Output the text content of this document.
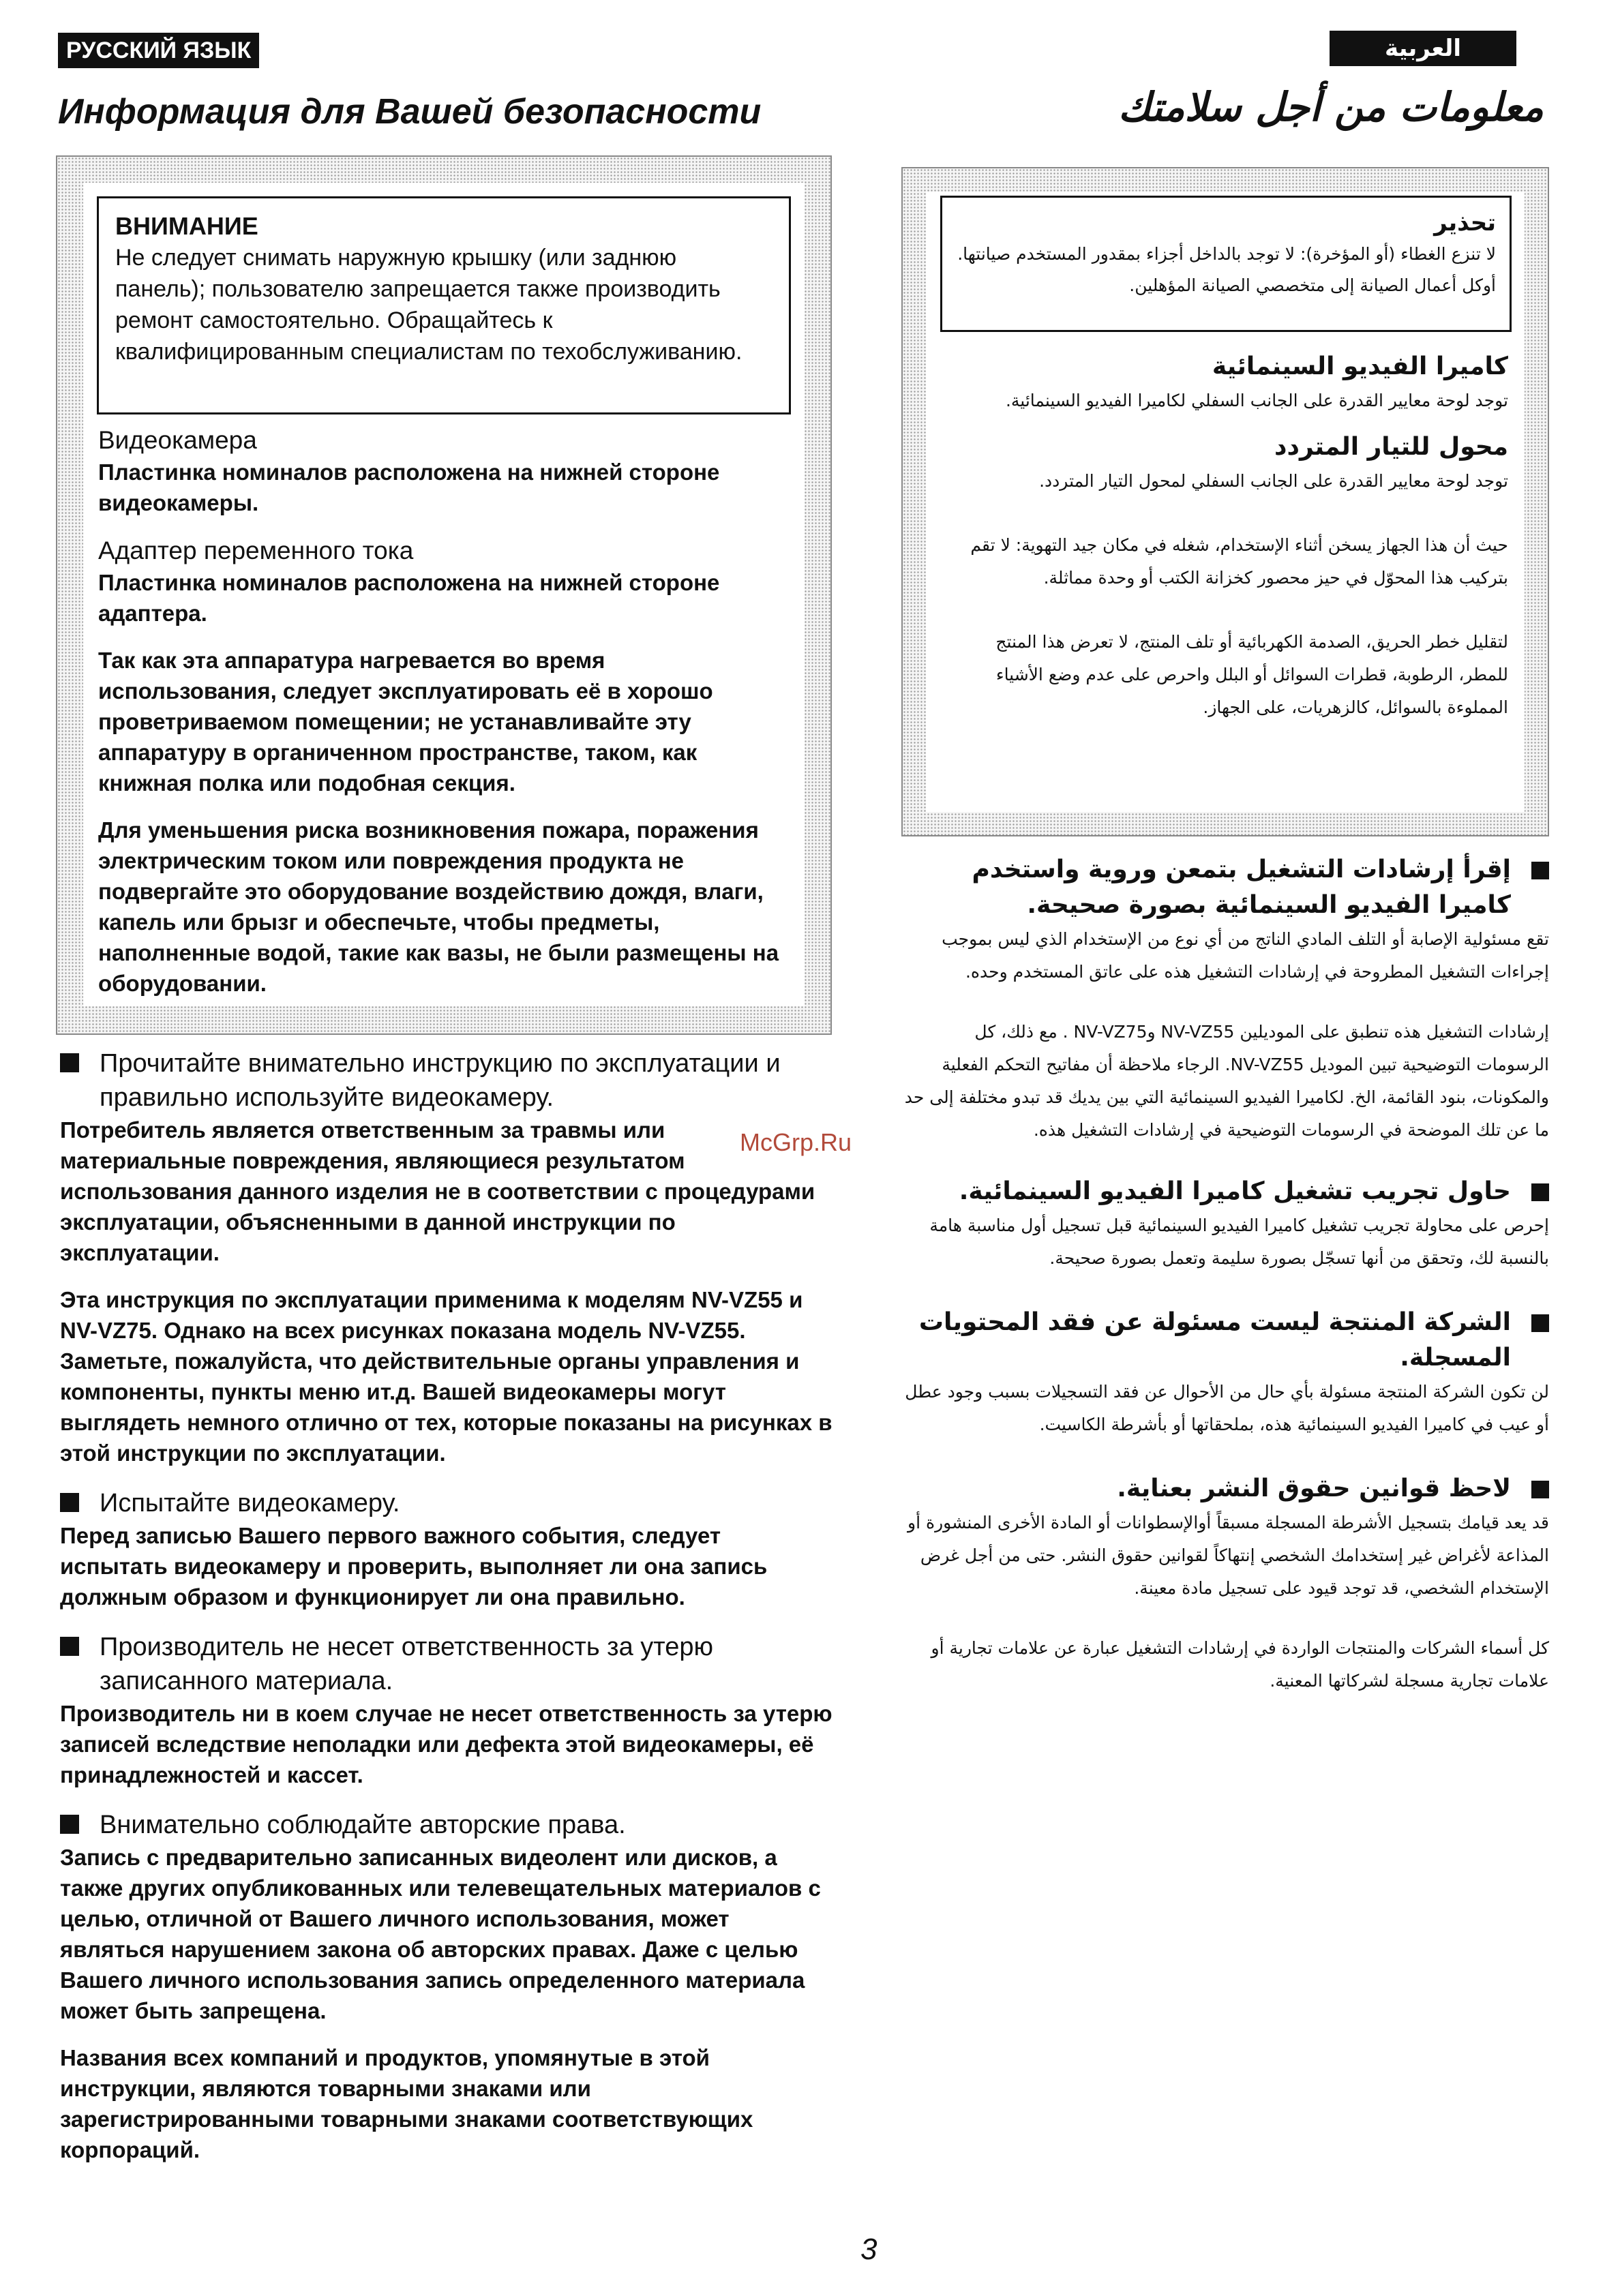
РУССКИЙ ЯЗЫК	العربية
Информация для Вашей безопасности	معلومات من أجل سلامتك
ВНИМАНИЕ
Не следует снимать наружную крышку (или заднюю панель); пользователю запрещается также производить ремонт самостоятельно. Обращайтесь к квалифицированным специалистам по техобслуживанию.
Видеокамера
Пластинка номиналов расположена на нижней стороне видеокамеры.
Адаптер переменного тока
Пластинка номиналов расположена на нижней стороне адаптера.
Так как эта аппаратура нагревается во время использования, следует эксплуатировать её в хорошо проветриваемом помещении; не устанавливайте эту аппаратуру в органиченном пространстве, таком, как книжная полка или подобная секция.
Для уменьшения риска возникновения пожара, поражения электрическим током или повреждения продукта не подвергайте это оборудование воздействию дождя, влаги, капель или брызг и обеспечьте, чтобы предметы, наполненные водой, такие как вазы, не были размещены на оборудовании.
Прочитайте внимательно инструкцию по эксплуатации и правильно используйте видеокамеру.
Потребитель является ответственным за травмы или материальные повреждения, являющиеся результатом использования данного изделия не в соответствии с процедурами эксплуатации, объясненными в данной инструкции по эксплуатации.
Эта инструкция по эксплуатации применима к моделям NV-VZ55 и NV-VZ75. Однако на всех рисунках показана модель NV-VZ55. Заметьте, пожалуйста, что действительные органы управления и компоненты, пункты меню ит.д. Вашей видеокамеры могут выглядеть немного отлично от тех, которые показаны на рисунках в этой инструкции по эксплуатации.
Испытайте видеокамеру.
Перед записью Вашего первого важного события, следует испытать видеокамеру и проверить, выполняет ли она запись должным образом и функционирует ли она правильно.
Производитель не несет ответственность за утерю записанного материала.
Производитель ни в коем случае не несет ответственность за утерю записей вследствие неполадки или дефекта этой видеокамеры, её принадлежностей и кассет.
Внимательно соблюдайте авторские права.
Запись с предварительно записанных видеолент или дисков, а также других опубликованных или телевещательных материалов с целью, отличной от Вашего личного использования, может являться нарушением закона об авторских правах. Даже с целью Вашего личного использования запись определенного материала может быть запрещена.
Названия всех компаний и продуктов, упомянутые в этой инструкции, являются товарными знаками или зарегистрированными товарными знаками соответствующих корпораций.
تحذير
لا تنزع الغطاء (أو المؤخرة): لا توجد بالداخل أجزاء بمقدور المستخدم صيانتها. أوكل أعمال الصيانة إلى متخصصي الصيانة المؤهلين.
كاميرا الفيديو السينمائية
توجد لوحة معايير القدرة على الجانب السفلي لكاميرا الفيديو السينمائية.
محول للتيار المتردد
توجد لوحة معايير القدرة على الجانب السفلي لمحول التيار المتردد.
حيث أن هذا الجهاز يسخن أثناء الإستخدام، شغله في مكان جيد التهوية: لا تقم بتركيب هذا المحوّل في حيز محصور كخزانة الكتب أو وحدة مماثلة.
لتقليل خطر الحريق، الصدمة الكهربائية أو تلف المنتج، لا تعرض هذا المنتج للمطر، الرطوبة، قطرات السوائل أو البلل واحرص على عدم وضع الأشياء المملوءة بالسوائل، كالزهريات، على الجهاز.
إقرأ إرشادات التشغيل بتمعن وروية واستخدم كاميرا الفيديو السينمائية بصورة صحيحة.
تقع مسئولية الإصابة أو التلف المادي الناتج من أي نوع من الإستخدام الذي ليس بموجب إجراءات التشغيل المطروحة في إرشادات التشغيل هذه على عاتق المستخدم وحده.
إرشادات التشغيل هذه تنطبق على الموديلين NV-VZ55 وNV-VZ75 . مع ذلك، كل الرسومات التوضيحية تبين الموديل NV-VZ55. الرجاء ملاحظة أن مفاتيح التحكم الفعلية والمكونات، بنود القائمة، الخ. لكاميرا الفيديو السينمائية التي بين يديك قد تبدو مختلفة إلى حد ما عن تلك الموضحة في الرسومات التوضيحية في إرشادات التشغيل هذه.
حاول تجريب تشغيل كاميرا الفيديو السينمائية.
إحرص على محاولة تجريب تشغيل كاميرا الفيديو السينمائية قبل تسجيل أول مناسبة هامة بالنسبة لك، وتحقق من أنها تسجّل بصورة سليمة وتعمل بصورة صحيحة.
الشركة المنتجة ليست مسئولة عن فقد المحتويات المسجلة.
لن تكون الشركة المنتجة مسئولة بأي حال من الأحوال عن فقد التسجيلات بسبب وجود عطل أو عيب في كاميرا الفيديو السينمائية هذه، بملحقاتها أو بأشرطة الكاسيت.
لاحظ قوانين حقوق النشر بعناية.
قد يعد قيامك بتسجيل الأشرطة المسجلة مسبقاً أوالإسطوانات أو المادة الأخرى المنشورة أو المذاعة لأغراض غير إستخدامك الشخصي إنتهاكاً لقوانين حقوق النشر. حتى من أجل غرض الإستخدام الشخصي، قد توجد قيود على تسجيل مادة معينة.
كل أسماء الشركات والمنتجات الواردة في إرشادات التشغيل عبارة عن علامات تجارية أو علامات تجارية مسجلة لشركاتها المعنية.
McGrp.Ru
3
